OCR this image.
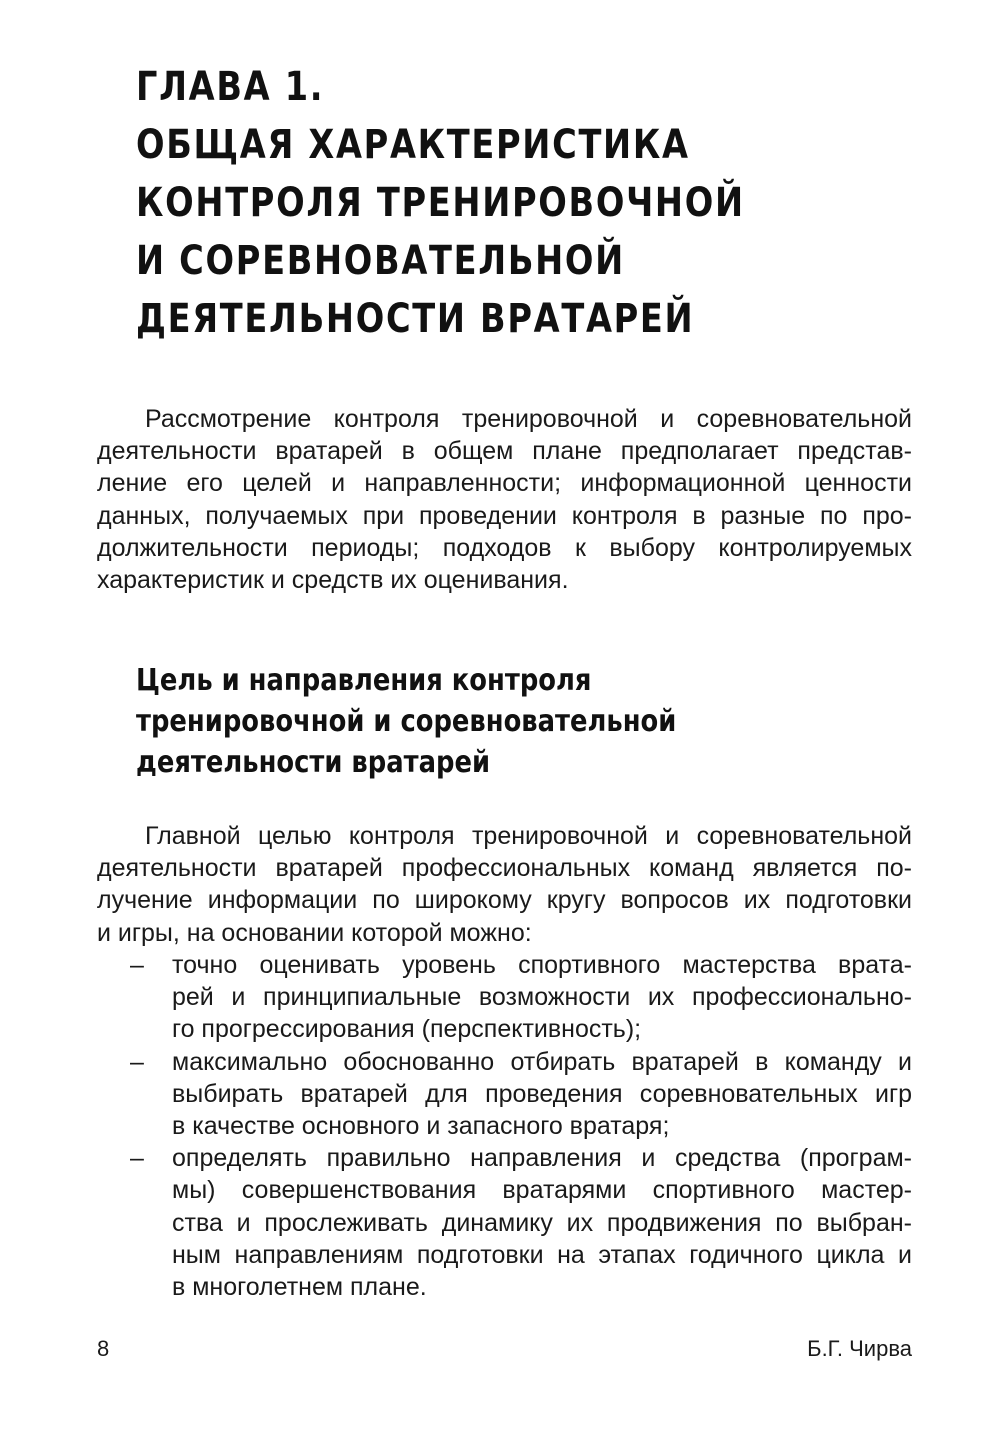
ГЛАВА 1.
ОБЩАЯ ХАРАКТЕРИСТИКА
КОНТРОЛЯ ТРЕНИРОВОЧНОЙ
И СОРЕВНОВАТЕЛЬНОЙ
ДЕЯТЕЛЬНОСТИ ВРАТАРЕЙ

Рассмотрение контроля тренировочной и соревновательной
деятельности вратарей в общем плане предполагает представ-
ление его целей и направленности; информационной ценности
данных, получаемых при проведении контроля в разные по про-
должительности периоды; подходов к выбору контролируемых
характеристик и средств их оценивания.

Цель и направления контроля
тренировочной и соревновательной
деятельности вратарей

Главной целью контроля тренировочной и соревновательной
деятельности вратарей профессиональных команд является по-
лучение информации по широкому кругу вопросов их подготовки
и игры, на основании которой можно:

– точно оценивать уровень спортивного мастерства врата-
рей и принципиальные возможности их профессионально-
го прогрессирования (перспективность);
– максимально обоснованно отбирать вратарей в команду и
выбирать вратарей для проведения соревновательных игр
в качестве основного и запасного вратаря;
– определять правильно направления и средства (програм-
мы) совершенствования вратарями спортивного мастер-
ства и прослеживать динамику их продвижения по выбран-
ным направлениям подготовки на этапах годичного цикла и
в многолетнем плане.
8	Б.Г. Чирва
